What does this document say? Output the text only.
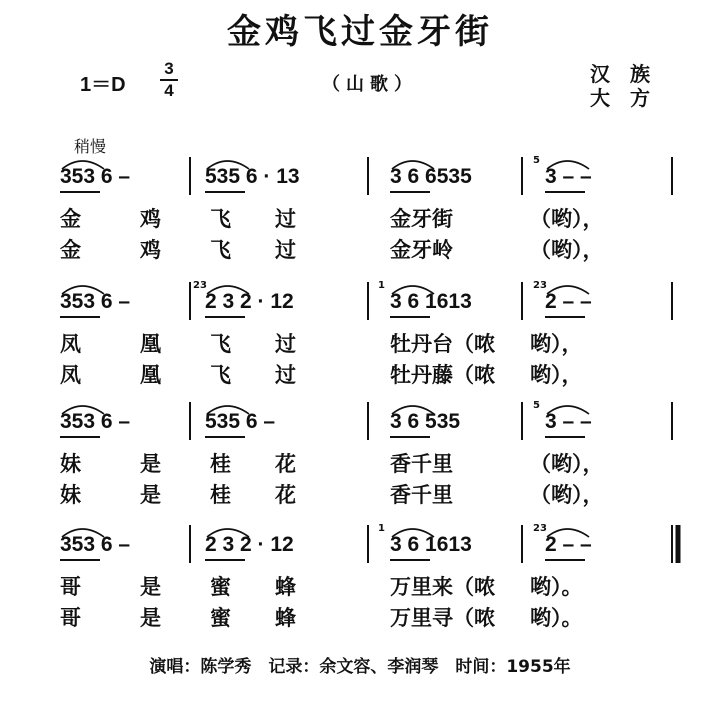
金鸡飞过金牙街
1＝D
3
4	（山歌）	汉族
大方
稍慢
353 6 –	535 6 · 13	3 6 6535	3 – –
5
金	鸡 飞 过	金牙街	（哟），
金	鸡 飞 过	金牙岭	（哟），
353 6 –	2 3 2 · 12
23
3 6 1613
1
2 – –
23
凤	凰 飞 过	牡丹台（哝 哟），
凤	凰 飞 过	牡丹藤（哝 哟），
353 6 –	535 6 –	3 6 535	3 – –
5
妹	是 桂 花	香千里	（哟），
妹	是 桂 花	香千里	（哟），
353 6 –	2 3 2 · 12	3 6 1613
1
2 – –
23
哥	是 蜜 蜂	万里来（哝 哟）。
哥	是 蜜 蜂	万里寻（哝 哟）。
演唱：陈学秀　记录：余文容、李润琴　时间：1955年
